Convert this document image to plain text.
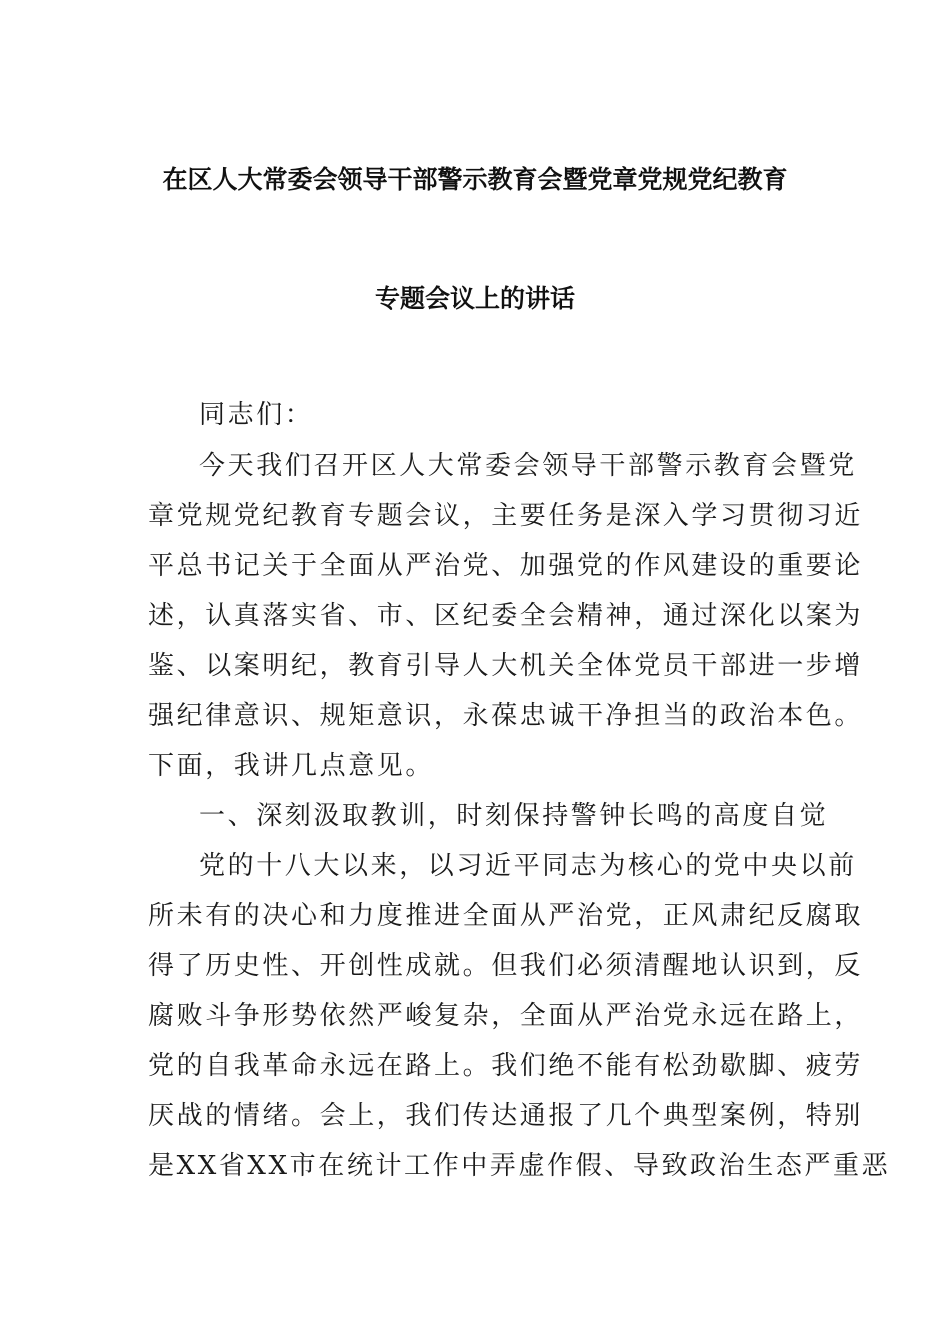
在区人大常委会领导干部警示教育会暨党章党规党纪教育
专题会议上的讲话
同志们：
今天我们召开区人大常委会领导干部警示教育会暨党
章党规党纪教育专题会议，主要任务是深入学习贯彻习近
平总书记关于全面从严治党、加强党的作风建设的重要论
述，认真落实省、市、区纪委全会精神，通过深化以案为
鉴、以案明纪，教育引导人大机关全体党员干部进一步增
强纪律意识、规矩意识，永葆忠诚干净担当的政治本色。
下面，我讲几点意见。
一、深刻汲取教训，时刻保持警钟长鸣的高度自觉
党的十八大以来，以习近平同志为核心的党中央以前
所未有的决心和力度推进全面从严治党，正风肃纪反腐取
得了历史性、开创性成就。但我们必须清醒地认识到，反
腐败斗争形势依然严峻复杂，全面从严治党永远在路上，
党的自我革命永远在路上。我们绝不能有松劲歇脚、疲劳
厌战的情绪。会上，我们传达通报了几个典型案例，特别
是XX省XX市在统计工作中弄虚作假、导致政治生态严重恶
